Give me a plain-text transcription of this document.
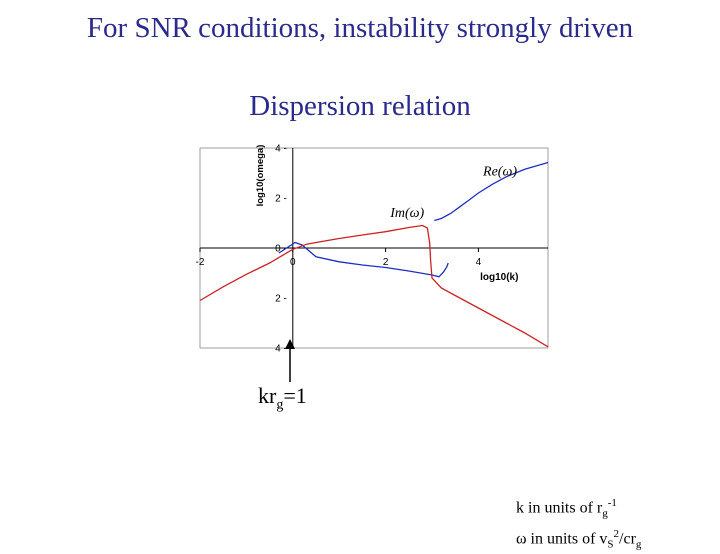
For SNR conditions, instability strongly driven
Dispersion relation
-2	0	2	4
4 -
2 -
0 -
2 -
4 -
log10(k)
log10(omega)	Re(ω)
Im(ω)
$kr_g=1$
k in units of $r_g^{-1}$
ω in units of $v_S^2/cr_g$
